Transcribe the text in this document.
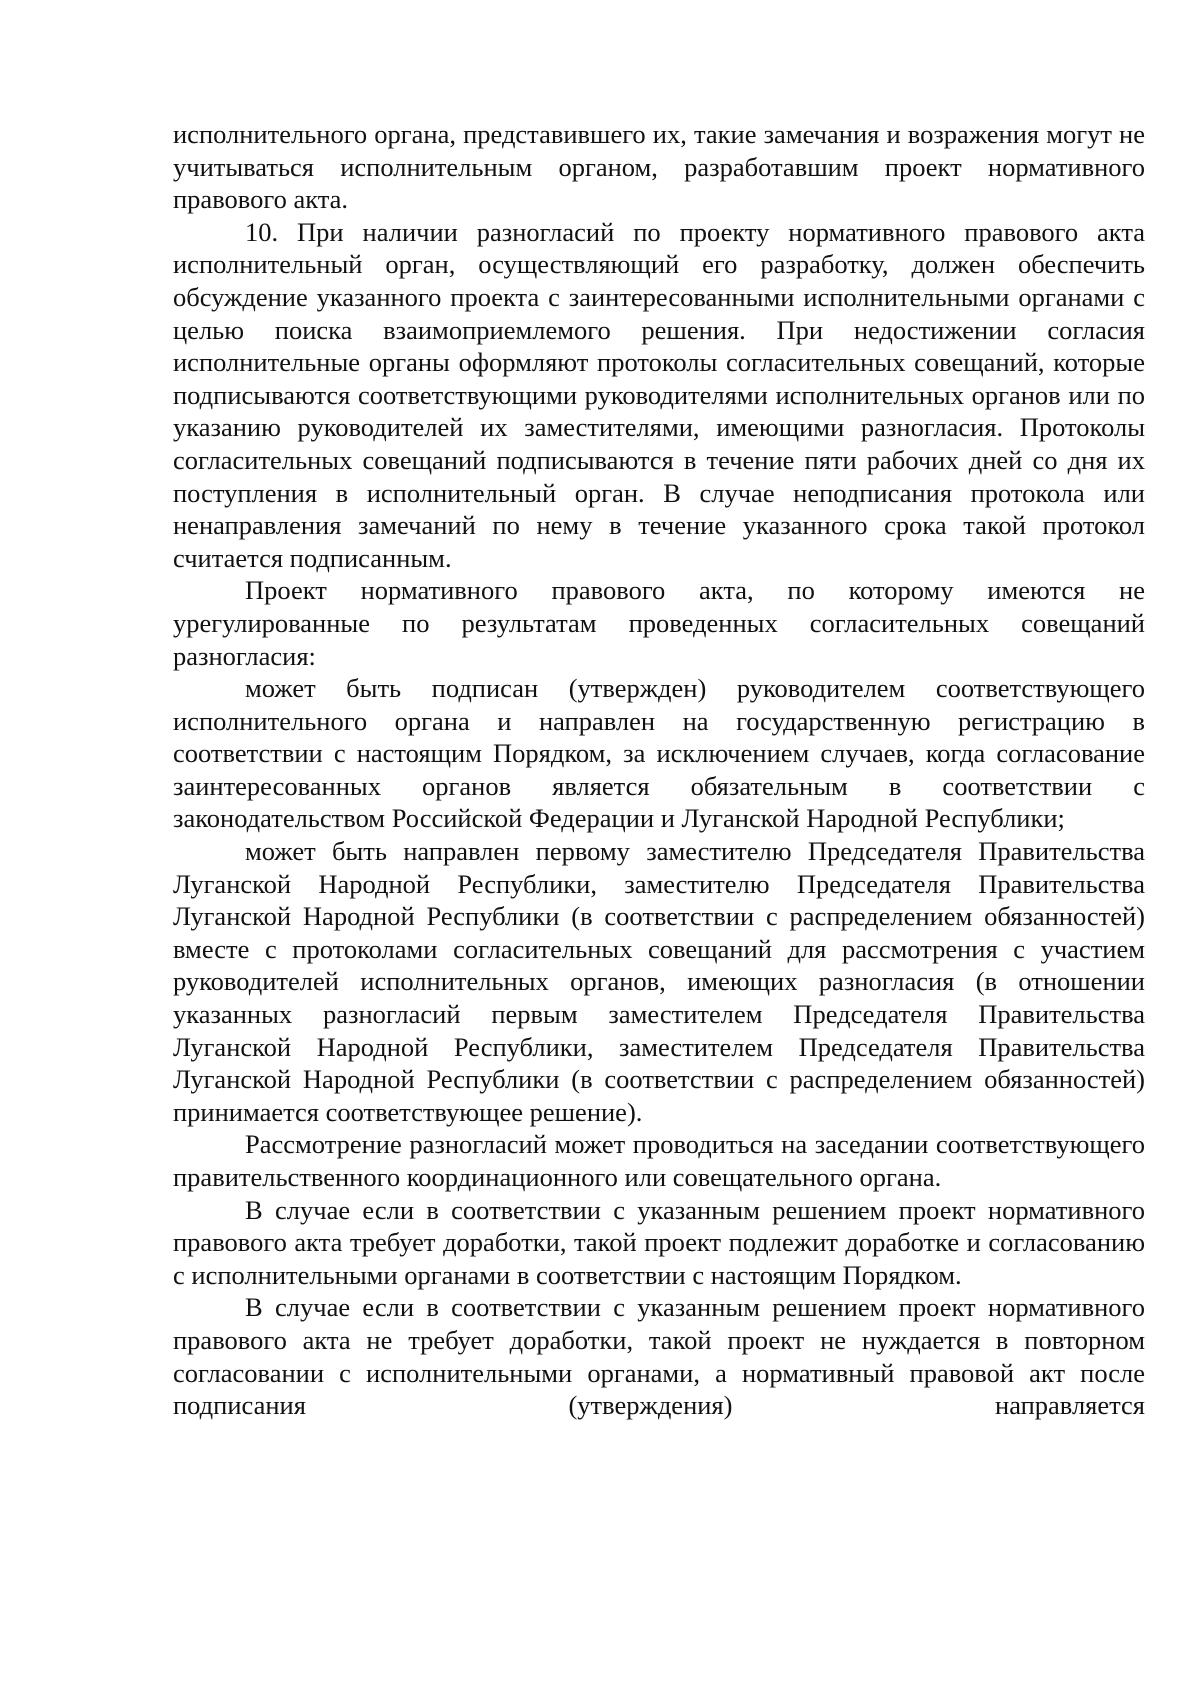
исполнительного органа, представившего их, такие замечания и возражения могут не учитываться исполнительным органом, разработавшим проект нормативного правового акта.

10. При наличии разногласий по проекту нормативного правового акта исполнительный орган, осуществляющий его разработку, должен обеспечить обсуждение указанного проекта с заинтересованными исполнительными органами с целью поиска взаимоприемлемого решения. При недостижении согласия исполнительные органы оформляют протоколы согласительных совещаний, которые подписываются соответствующими руководителями исполнительных органов или по указанию руководителей их заместителями, имеющими разногласия. Протоколы согласительных совещаний подписываются в течение пяти рабочих дней со дня их поступления в исполнительный орган. В случае неподписания протокола или ненаправления замечаний по нему в течение указанного срока такой протокол считается подписанным.

Проект нормативного правового акта, по которому имеются не урегулированные по результатам проведенных согласительных совещаний разногласия:

может быть подписан (утвержден) руководителем соответствующего исполнительного органа и направлен на государственную регистрацию в соответствии с настоящим Порядком, за исключением случаев, когда согласование заинтересованных органов является обязательным в соответствии с законодательством Российской Федерации и Луганской Народной Республики;

может быть направлен первому заместителю Председателя Правительства Луганской Народной Республики, заместителю Председателя Правительства Луганской Народной Республики (в соответствии с распределением обязанностей) вместе с протоколами согласительных совещаний для рассмотрения с участием руководителей исполнительных органов, имеющих разногласия (в отношении указанных разногласий первым заместителем Председателя Правительства Луганской Народной Республики, заместителем Председателя Правительства Луганской Народной Республики (в соответствии с распределением обязанностей) принимается соответствующее решение).

Рассмотрение разногласий может проводиться на заседании соответствующего правительственного координационного или совещательного органа.

В случае если в соответствии с указанным решением проект нормативного правового акта требует доработки, такой проект подлежит доработке и согласованию с исполнительными органами в соответствии с настоящим Порядком.

В случае если в соответствии с указанным решением проект нормативного правового акта не требует доработки, такой проект не нуждается в повторном согласовании с исполнительными органами, а нормативный правовой акт после подписания (утверждения) направляется
